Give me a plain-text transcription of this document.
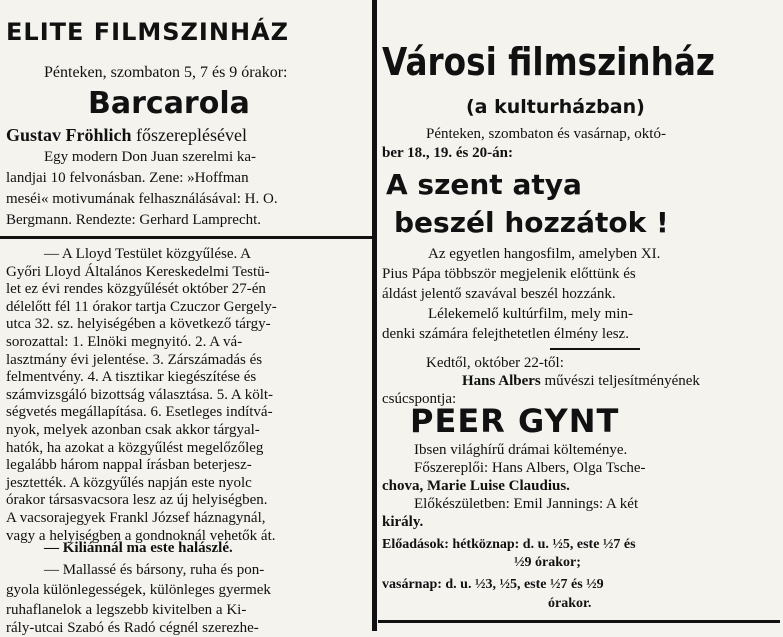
ELITE FILMSZINHÁZ
Pénteken, szombaton 5, 7 és 9 órakor:
Barcarola
Gustav Fröhlich főszereplésével
Egy modern Don Juan szerelmi ka-
landjai 10 felvonásban. Zene: »Hoffman
meséi« motivumának felhasználásával: H. O.
Bergmann. Rendezte: Gerhard Lamprecht.
— A Lloyd Testület közgyűlése. A
Győri Lloyd Általános Kereskedelmi Testü-
let ez évi rendes közgyűlését október 27-én
délelőtt fél 11 órakor tartja Czuczor Gergely-
utca 32. sz. helyiségében a következő tárgy-
sorozattal: 1. Elnöki megnyitó. 2. A vá-
lasztmány évi jelentése. 3. Zárszámadás és
felmentvény. 4. A tisztikar kiegészítése és
számvizsgáló bizottság választása. 5. A költ-
ségvetés megállapítása. 6. Esetleges indítvá-
nyok, melyek azonban csak akkor tárgyal-
hatók, ha azokat a közgyűlést megelőzőleg
legalább három nappal írásban beterjesz-
jesztették. A közgyűlés napján este nyolc
órakor társasvacsora lesz az új helyiségben.
A vacsorajegyek Frankl József háznagynál,
vagy a helyiségben a gondnoknál vehetők át.
— Kiliánnál ma este halászlé.
— Mallassé és bársony, ruha és pon-
gyola különlegességek, különleges gyermek
ruhaflanelok a legszebb kivitelben a Ki-
rály-utcai Szabó és Radó cégnél szerezhe-
Városi filmszinház
(a kulturházban)
Pénteken, szombaton és vasárnap, októ-
ber 18., 19. és 20-án:
A szent atya
beszél hozzátok !
Az egyetlen hangosfilm, amelyben XI.
Pius Pápa többször megjelenik előttünk és
áldást jelentő szavával beszél hozzánk.
Lélekemelő kultúrfilm, mely min-
denki számára felejthetetlen élmény lesz.
Kedtől, október 22-től:
Hans Albers művészi teljesítményének
csúcspontja:
PEER GYNT
Ibsen világhírű drámai költeménye.
Főszereplői: Hans Albers, Olga Tsche-
chova, Marie Luise Claudius.
Előkészületben: Emil Jannings: A két
király.
Előadások: hétköznap: d. u. ½5, este ½7 és
½9 órakor;
vasárnap: d. u. ½3, ½5, este ½7 és ½9
órakor.
